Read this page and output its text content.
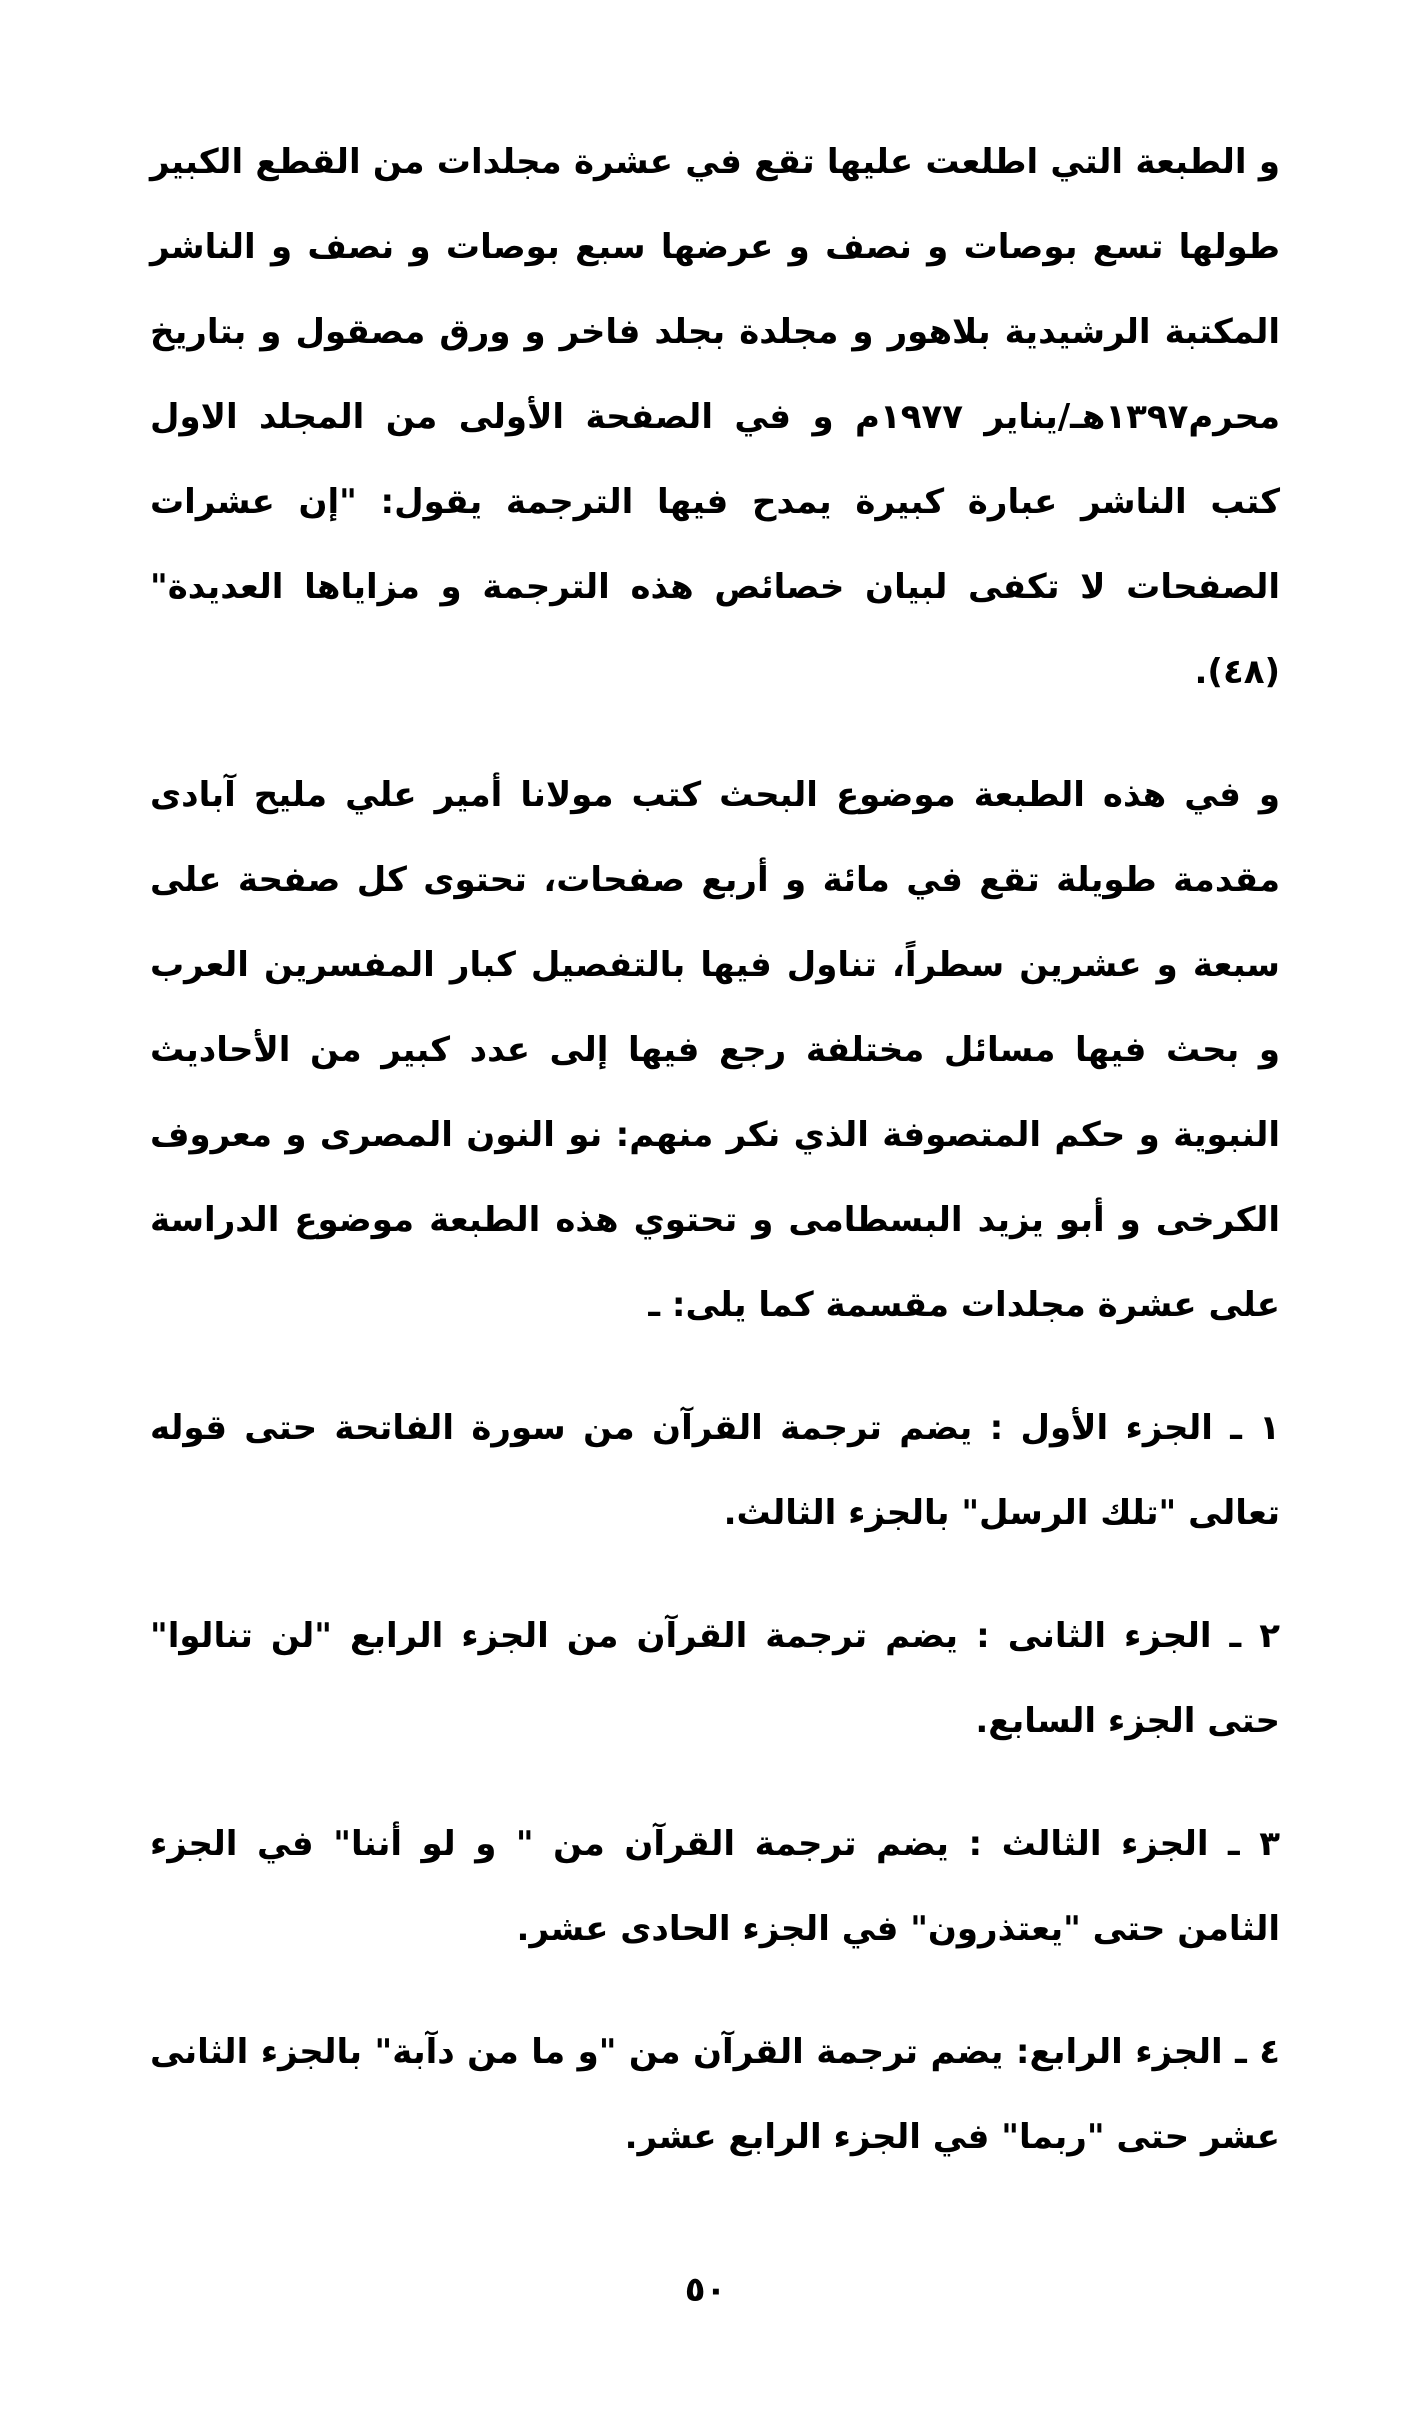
و الطبعة التي اطلعت عليها تقع في عشرة مجلدات من القطع الكبير طولها تسع بوصات و نصف و عرضها سبع بوصات و نصف و الناشر المكتبة الرشيدية بلاهور و مجلدة بجلد فاخر و ورق مصقول و بتاريخ محرم١٣٩٧هـ/يناير ١٩٧٧م و في الصفحة الأولى من المجلد الاول كتب الناشر عبارة كبيرة يمدح فيها الترجمة يقول: "إن عشرات الصفحات لا تكفى لبيان خصائص هذه الترجمة و مزاياها العديدة"(٤٨).

و في هذه الطبعة موضوع البحث كتب مولانا أمير علي مليح آبادى مقدمة طويلة تقع في مائة و أربع صفحات، تحتوى كل صفحة على سبعة و عشرين سطراً، تناول فيها بالتفصيل كبار المفسرين العرب و بحث فيها مسائل مختلفة رجع فيها إلى عدد كبير من الأحاديث النبوية و حكم المتصوفة الذي نكر منهم: نو النون المصرى و معروف الكرخى و أبو يزيد البسطامى و تحتوي هذه الطبعة موضوع الدراسة على عشرة مجلدات مقسمة كما يلى: ـ

١ ـ الجزء الأول : يضم ترجمة القرآن من سورة الفاتحة حتى قوله تعالى "تلك الرسل" بالجزء الثالث.

٢ ـ الجزء الثانى : يضم ترجمة القرآن من الجزء الرابع "لن تنالوا" حتى الجزء السابع.

٣ ـ الجزء الثالث : يضم ترجمة القرآن من " و لو أننا" في الجزء الثامن حتى "يعتذرون" في الجزء الحادى عشر.

٤ ـ الجزء الرابع: يضم ترجمة القرآن من "و ما من دآبة" بالجزء الثانى عشر حتى "ربما" في الجزء الرابع عشر.

٥٠
